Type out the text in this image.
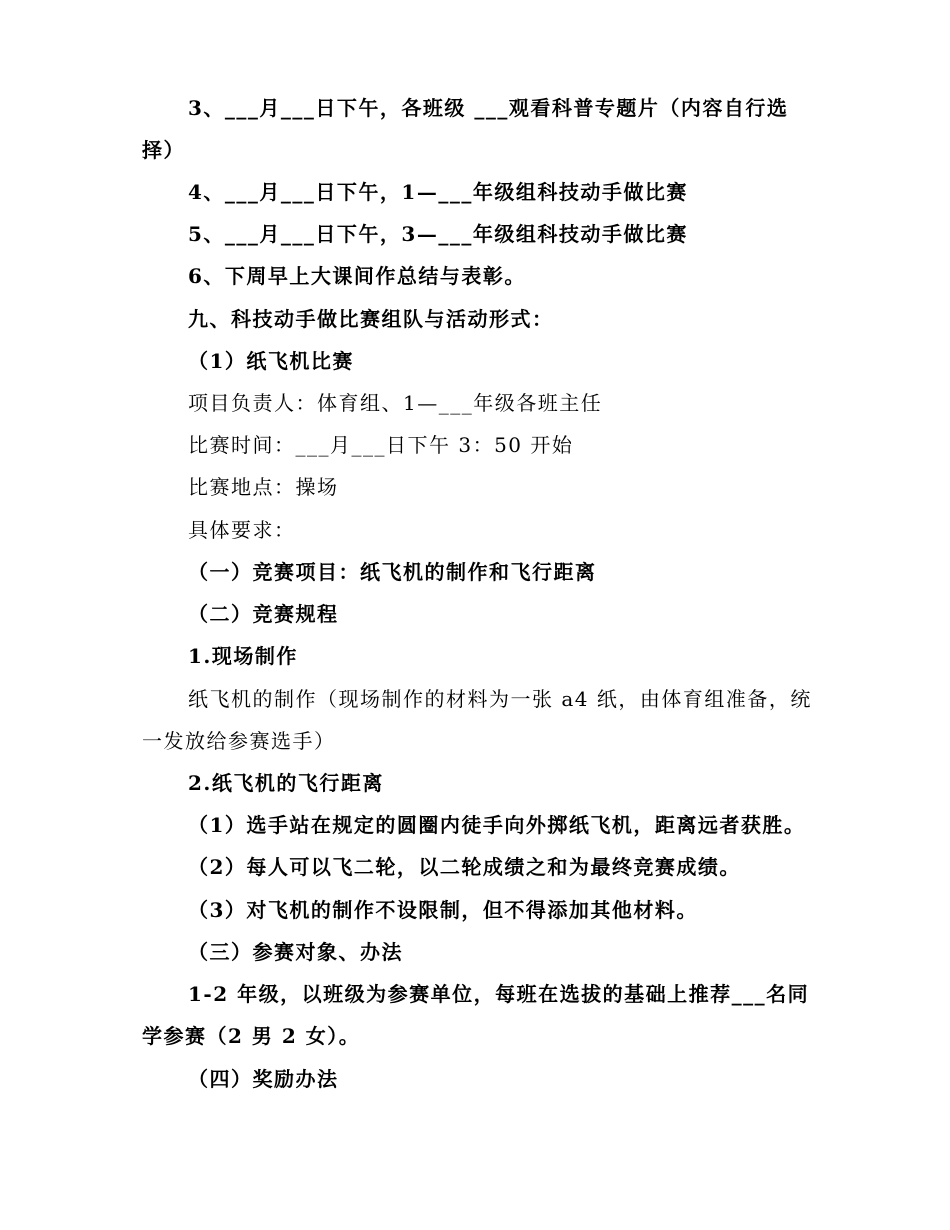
3、___月___日下午，各班级 ___观看科普专题片（内容自行选
择）
4、___月___日下午，1—___年级组科技动手做比赛
5、___月___日下午，3—___年级组科技动手做比赛
6、下周早上大课间作总结与表彰。
九、科技动手做比赛组队与活动形式：
（1）纸飞机比赛
项目负责人：体育组、1—___年级各班主任
比赛时间：___月___日下午 3：50 开始
比赛地点：操场
具体要求：
（一）竞赛项目：纸飞机的制作和飞行距离
（二）竞赛规程
1.现场制作
纸飞机的制作（现场制作的材料为一张 a4 纸，由体育组准备，统
一发放给参赛选手）
2.纸飞机的飞行距离
（1）选手站在规定的圆圈内徒手向外掷纸飞机，距离远者获胜。
（2）每人可以飞二轮，以二轮成绩之和为最终竞赛成绩。
（3）对飞机的制作不设限制，但不得添加其他材料。
（三）参赛对象、办法
1-2 年级，以班级为参赛单位，每班在选拔的基础上推荐___名同
学参赛（2 男 2 女）。
（四）奖励办法
